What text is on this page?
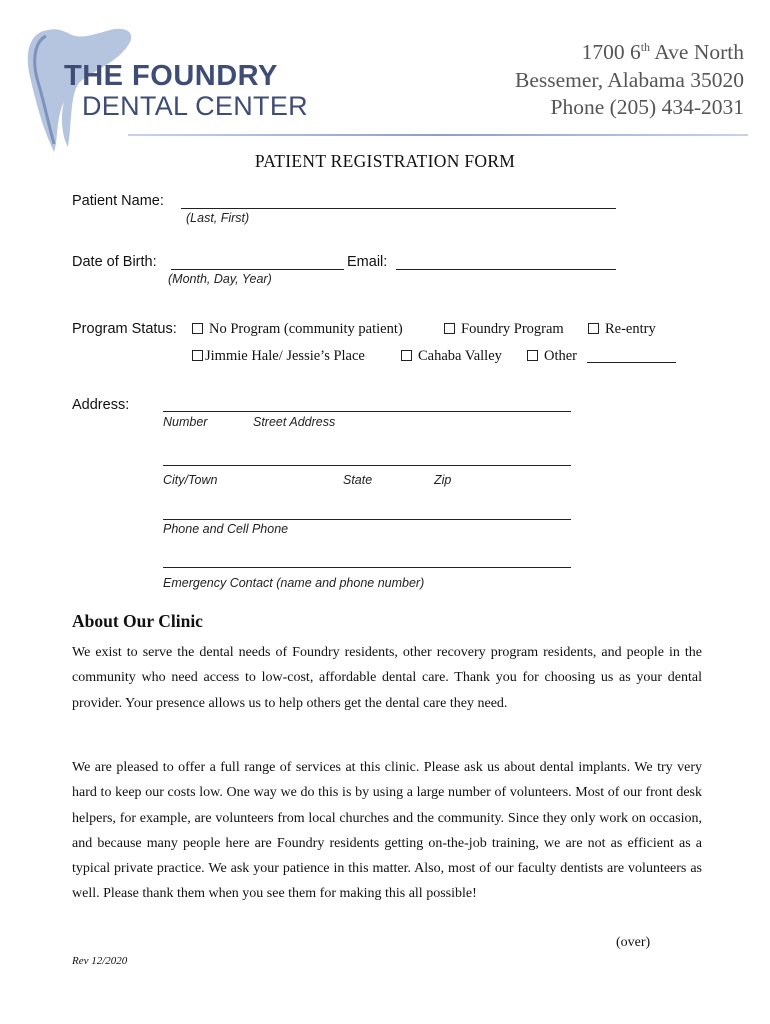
THE FOUNDRY
DENTAL CENTER
1700 6th Ave North
Bessemer, Alabama 35020
Phone (205) 434-2031
PATIENT REGISTRATION FORM
Patient Name:
(Last, First)
Date of Birth:
(Month, Day, Year)
Email:
Program Status:	No Program (community patient)	Foundry Program	Re-entry
Jimmie Hale/ Jessie’s Place	Cahaba Valley	Other
Address:
Number	Street Address
City/Town	State	Zip
Phone and Cell Phone
Emergency Contact (name and phone number)
About Our Clinic
We exist to serve the dental needs of Foundry residents, other recovery program residents, and people in the community who need access to low-cost, affordable dental care. Thank you for choosing us as your dental provider. Your presence allows us to help others get the dental care they need.
We are pleased to offer a full range of services at this clinic. Please ask us about dental implants. We try very hard to keep our costs low. One way we do this is by using a large number of volunteers. Most of our front desk helpers, for example, are volunteers from local churches and the community. Since they only work on occasion, and because many people here are Foundry residents getting on-the-job training, we are not as efficient as a typical private practice. We ask your patience in this matter. Also, most of our faculty dentists are volunteers as well. Please thank them when you see them for making this all possible!
(over)
Rev 12/2020
